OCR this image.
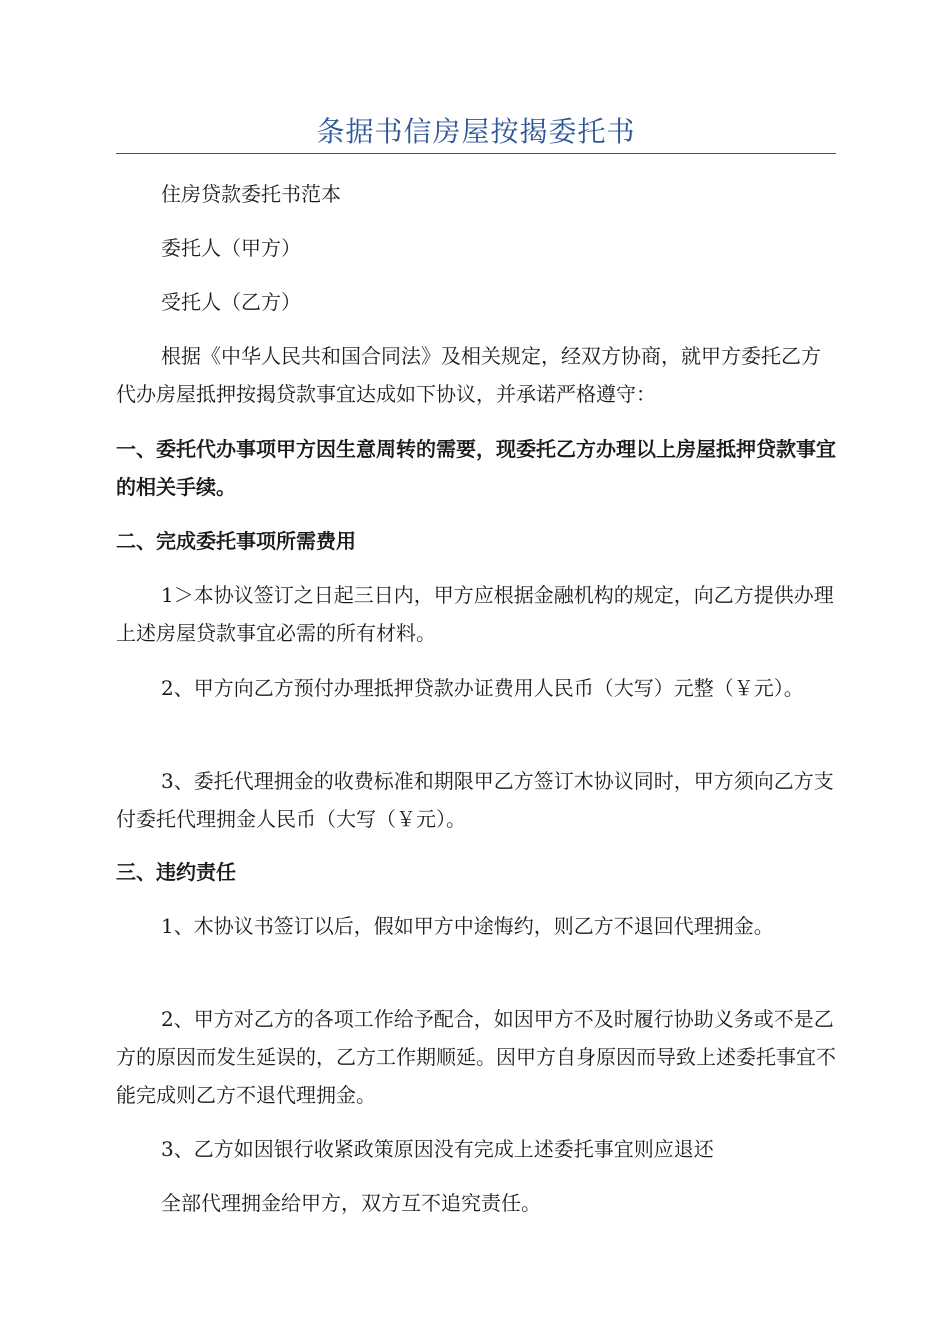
条据书信房屋按揭委托书

住房贷款委托书范本

委托人（甲方）

受托人（乙方）

根据《中华人民共和国合同法》及相关规定，经双方协商，就甲方委托乙方代办房屋抵押按揭贷款事宜达成如下协议，并承诺严格遵守：

一、委托代办事项甲方因生意周转的需要，现委托乙方办理以上房屋抵押贷款事宜的相关手续。

二、完成委托事项所需费用

1＞本协议签订之日起三日内，甲方应根据金融机构的规定，向乙方提供办理上述房屋贷款事宜必需的所有材料。

2、甲方向乙方预付办理抵押贷款办证费用人民币（大写）元整（￥元）。

3、委托代理拥金的收费标准和期限甲乙方签订木协议同时，甲方须向乙方支付委托代理拥金人民币（大写（￥元）。

三、违约责任

1、木协议书签订以后，假如甲方中途悔约，则乙方不退回代理拥金。

2、甲方对乙方的各项工作给予配合，如因甲方不及时履行协助义务或不是乙方的原因而发生延误的，乙方工作期顺延。因甲方自身原因而导致上述委托事宜不能完成则乙方不退代理拥金。

3、乙方如因银行收紧政策原因没有完成上述委托事宜则应退还

全部代理拥金给甲方，双方互不追究责任。
